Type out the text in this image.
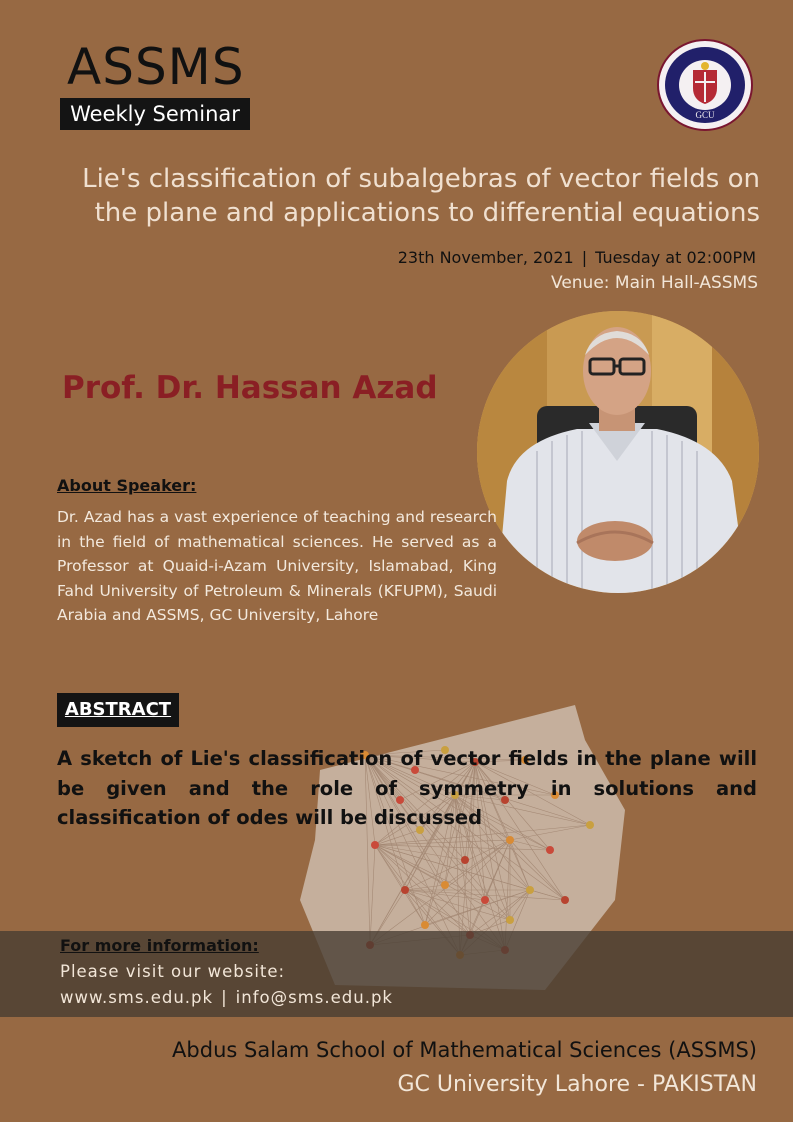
ASSMS
Weekly Seminar	GCU
Lie's classification of subalgebras of vector fields on the plane and applications to differential equations
23th November, 2021 | Tuesday at 02:00PM
Venue: Main Hall-ASSMS
Prof. Dr. Hassan Azad
About Speaker:
Dr. Azad has a vast experience of teaching and research in the field of mathematical sciences. He served as a Professor at Quaid-i-Azam University, Islamabad, King Fahd University of Petroleum & Minerals (KFUPM), Saudi Arabia and ASSMS, GC University, Lahore
ABSTRACT
A sketch of Lie's classification of vector fields in the plane will be given and the role of symmetry in solutions and classification of odes will be discussed
For more information:
Please visit our website:
www.sms.edu.pk | info@sms.edu.pk
Abdus Salam School of Mathematical Sciences (ASSMS)
GC University Lahore - PAKISTAN
